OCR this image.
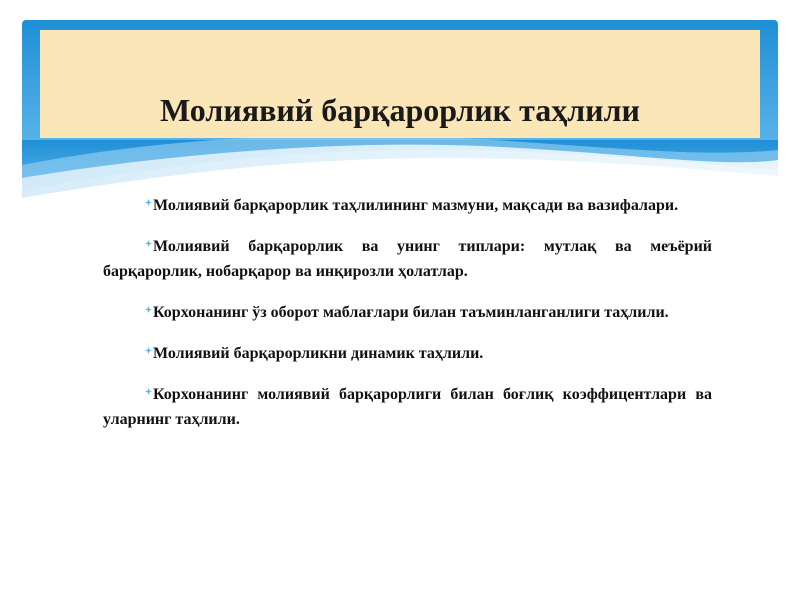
Молиявий барқарорлик таҳлили
Молиявий барқарорлик таҳлилининг мазмуни, мақсади ва вазифалари.
Молиявий барқарорлик ва унинг типлари: мутлақ ва меъёрий барқарорлик, нобарқарор ва инқирозли ҳолатлар.
Корхонанинг ўз оборот маблағлари билан таъминланганлиги таҳлили.
Молиявий барқарорликни динамик таҳлили.
Корхонанинг молиявий барқарорлиги билан боғлиқ коэффицентлари ва уларнинг таҳлили.
